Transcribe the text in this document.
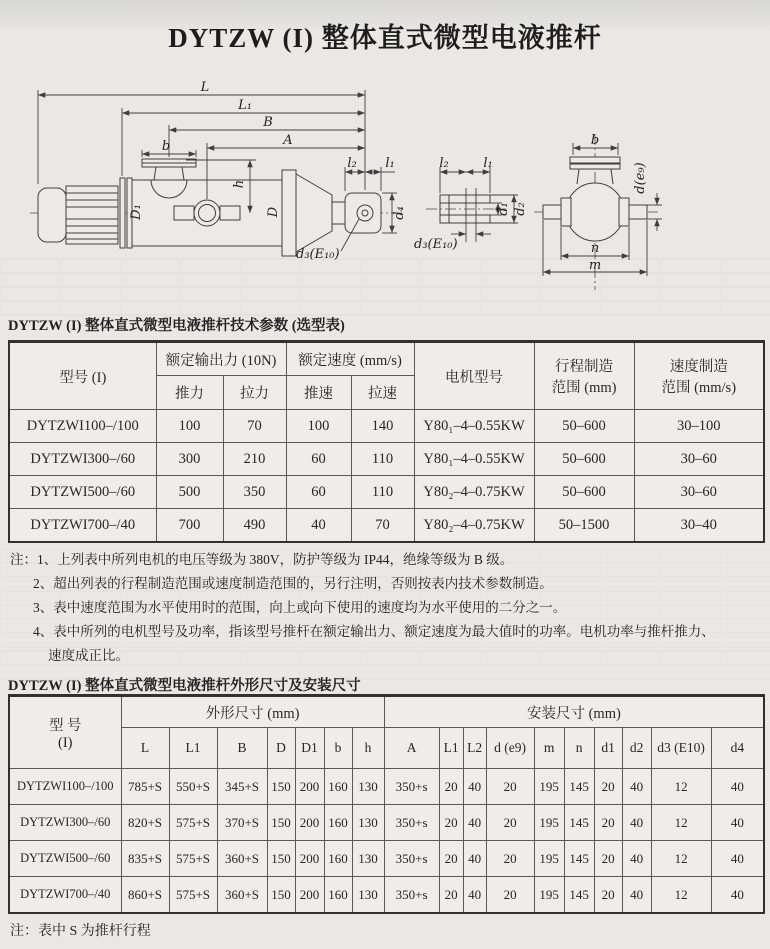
DYTZW (I) 整体直式微型电液推杆
L
L₁
B
A
b
h
D₁	D	d₄
l₂ l₁
d₃(E₁₀)
l₂	l₁
d₁ d₂
d₃(E₁₀)
b
d(e₉)
n
m
DYTZW (I) 整体直式微型电液推杆技术参数 (选型表)
型号 (I)	额定输出力 (10N)	额定速度 (mm/s)	电机型号	
行程制造
范围 (mm)

速度制造
范围 (mm/s)

	推力	拉力	推速	拉速			
DYTZWI100–/100	100	70	100	140	Y80₁–4–0.55KW	50–600	30–100
DYTZWI300–/60	300	210	60	110	Y80₁–4–0.55KW	50–600	30–60
DYTZWI500–/60	500	350	60	110	Y80₂–4–0.75KW	50–600	30–60
DYTZWI700–/40	700	490	40	70	Y80₂–4–0.75KW	50–1500	30–40
注：1、上列表中所列电机的电压等级为 380V，防护等级为 IP44，绝缘等级为 B 级。
2、超出列表的行程制造范围或速度制造范围的，另行注明，否则按表内技术参数制造。
3、表中速度范围为水平使用时的范围，向上或向下使用的速度均为水平使用的二分之一。
4、表中所列的电机型号及功率，指该型号推杆在额定输出力、额定速度为最大值时的功率。电机功率与推杆推力、
速度成正比。
DYTZW (I) 整体直式微型电液推杆外形尺寸及安装尺寸
型 号
(I)	外形尺寸 (mm)							安装尺寸 (mm)									
	L	L1	B	D	D1	b	h	A	L1	L2	d (e9)	m	n	d1	d2	d3 (E10)	d4
DYTZWI100–/100	785+S	550+S	345+S	150	200	160	130	350+s	20	40	20	195	145	20	40	12	40
DYTZWI300–/60	820+S	575+S	370+S	150	200	160	130	350+s	20	40	20	195	145	20	40	12	40
DYTZWI500–/60	835+S	575+S	360+S	150	200	160	130	350+s	20	40	20	195	145	20	40	12	40
DYTZWI700–/40	860+S	575+S	360+S	150	200	160	130	350+s	20	40	20	195	145	20	40	12	40
注：表中 S 为推杆行程
